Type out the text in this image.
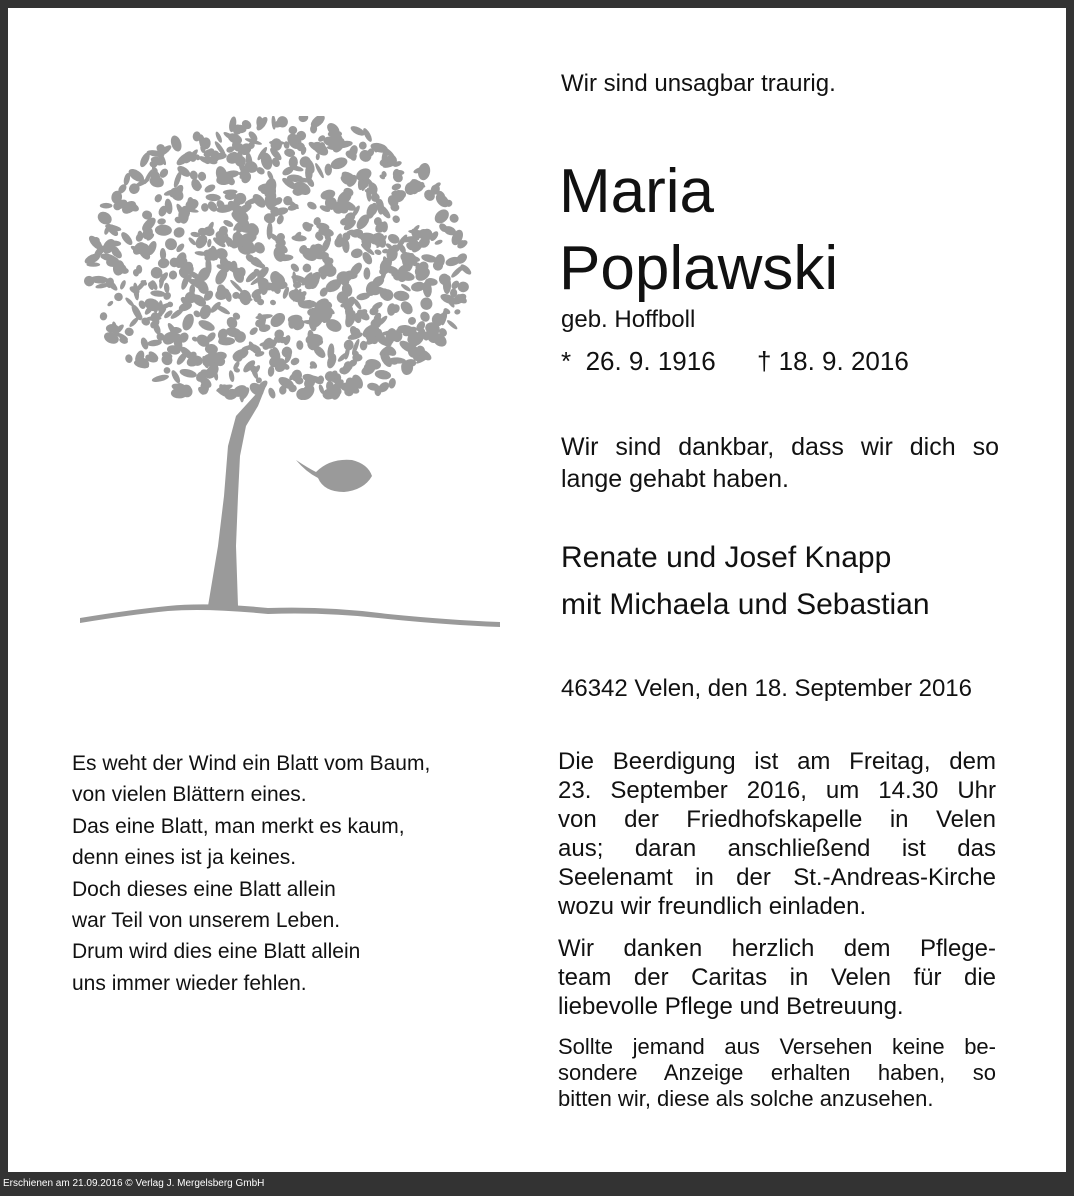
Wir sind unsagbar traurig.
Maria
Poplawski
geb. Hoffboll
*  26. 9. 1916 † 18. 9. 2016
Wir sind dankbar, dass wir dich so
lange gehabt haben.
Renate und Josef Knapp
mit Michaela und Sebastian
46342 Velen, den 18. September 2016
Es weht der Wind ein Blatt vom Baum,
von vielen Blättern eines.
Das eine Blatt, man merkt es kaum,
denn eines ist ja keines.
Doch dieses eine Blatt allein
war Teil von unserem Leben.
Drum wird dies eine Blatt allein
uns immer wieder fehlen.
Die Beerdigung ist am Freitag, dem
23. September 2016, um 14.30 Uhr
von der Friedhofskapelle in Velen
aus; daran anschließend ist das
Seelenamt in der St.-Andreas-Kirche
wozu wir freundlich einladen.
Wir danken herzlich dem Pflege-
team der Caritas in Velen für die
liebevolle Pflege und Betreuung.
Sollte jemand aus Versehen keine be-
sondere Anzeige erhalten haben, so
bitten wir, diese als solche anzusehen.
Erschienen am 21.09.2016 © Verlag J. Mergelsberg GmbH
